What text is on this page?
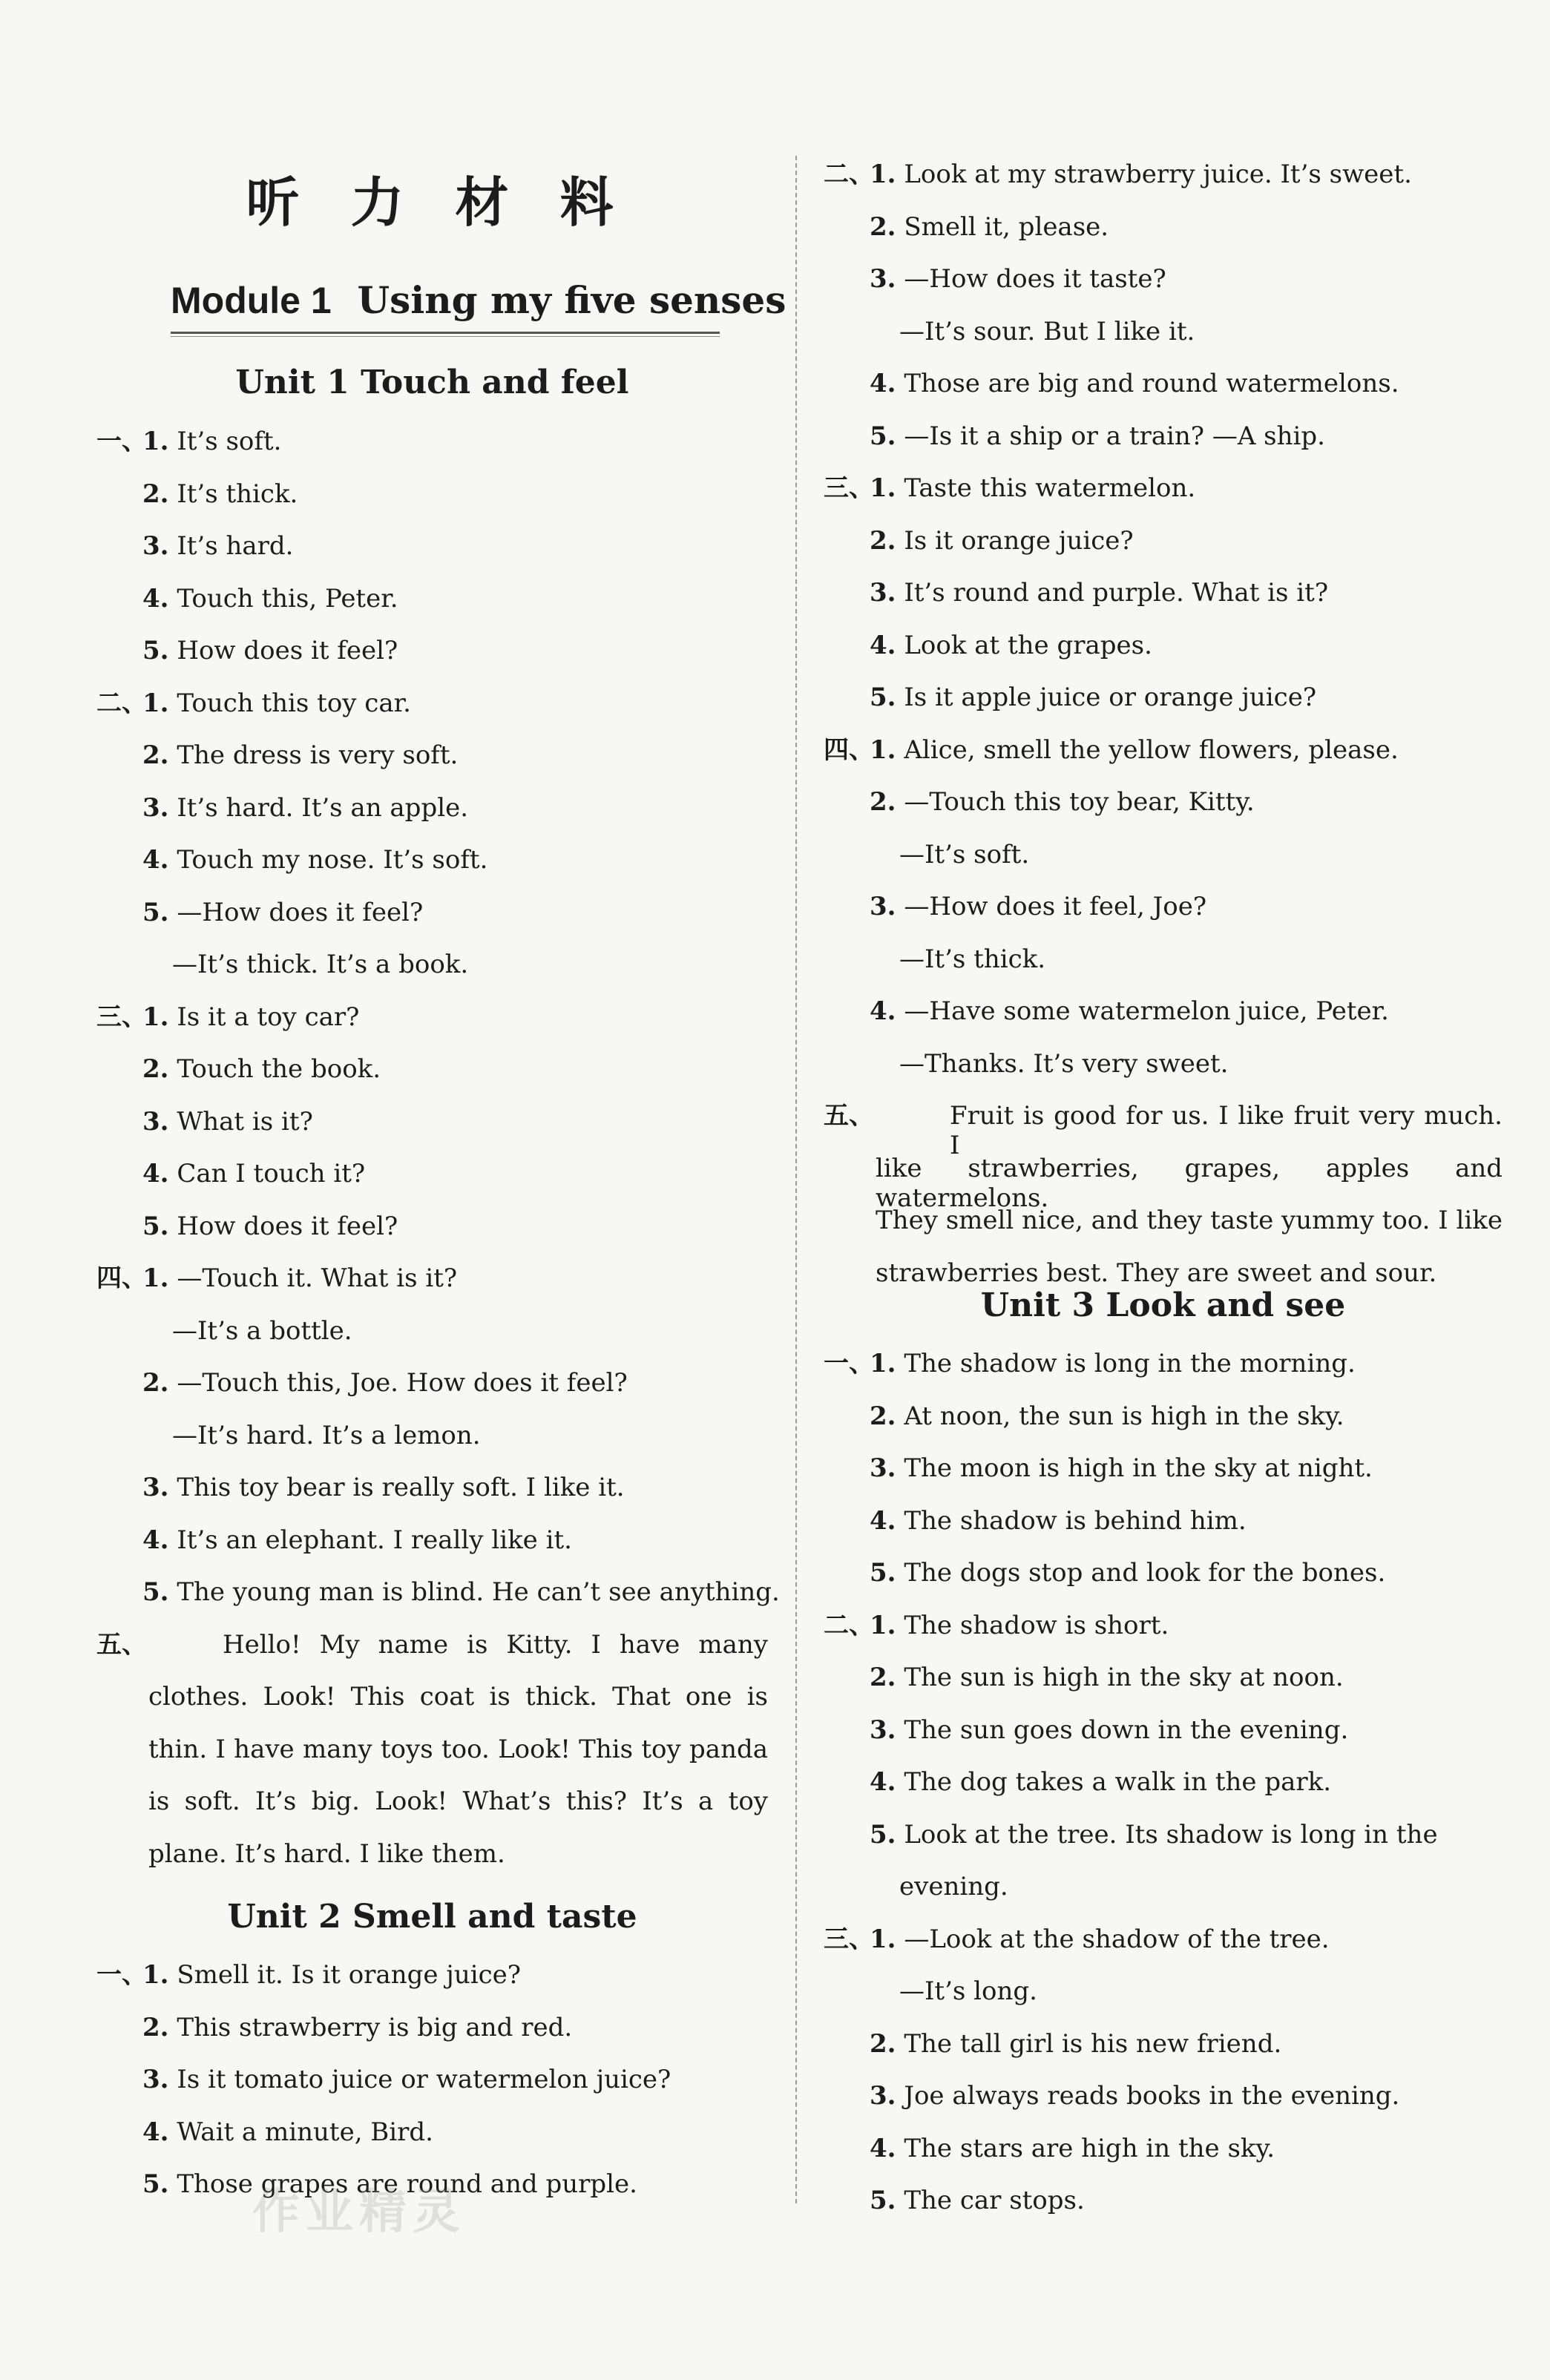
听 力 材 料
Module 1 Using my five senses
Unit 1 Touch and feel
一、
1. It’s soft.
2. It’s thick.
3. It’s hard.
4. Touch this, Peter.
5. How does it feel?
二、
1. Touch this toy car.
2. The dress is very soft.
3. It’s hard. It’s an apple.
4. Touch my nose. It’s soft.
5. —How does it feel?
—It’s thick. It’s a book.
三、
1. Is it a toy car?
2. Touch the book.
3. What is it?
4. Can I touch it?
5. How does it feel?
四、
1. —Touch it. What is it?
—It’s a bottle.
2. —Touch this, Joe. How does it feel?
—It’s hard. It’s a lemon.
3. This toy bear is really soft. I like it.
4. It’s an elephant. I really like it.
5. The young man is blind. He can’t see anything.
五、	Hello! My name is Kitty. I have many
clothes. Look! This coat is thick. That one is
thin. I have many toys too. Look! This toy panda
is soft. It’s big. Look! What’s this? It’s a toy
plane. It’s hard. I like them.
Unit 2 Smell and taste
一、
1. Smell it. Is it orange juice?
2. This strawberry is big and red.
3. Is it tomato juice or watermelon juice?
4. Wait a minute, Bird.
5. Those grapes are round and purple.
二、
1. Look at my strawberry juice. It’s sweet.
2. Smell it, please.
3. —How does it taste?
—It’s sour. But I like it.
4. Those are big and round watermelons.
5. —Is it a ship or a train? —A ship.
三、
1. Taste this watermelon.
2. Is it orange juice?
3. It’s round and purple. What is it?
4. Look at the grapes.
5. Is it apple juice or orange juice?
四、
1. Alice, smell the yellow flowers, please.
2. —Touch this toy bear, Kitty.
—It’s soft.
3. —How does it feel, Joe?
—It’s thick.
4. —Have some watermelon juice, Peter.
—Thanks. It’s very sweet.
五、	Fruit is good for us. I like fruit very much. I
like strawberries, grapes, apples and watermelons.
They smell nice, and they taste yummy too. I like
strawberries best. They are sweet and sour.
Unit 3 Look and see
一、
1. The shadow is long in the morning.
2. At noon, the sun is high in the sky.
3. The moon is high in the sky at night.
4. The shadow is behind him.
5. The dogs stop and look for the bones.
二、
1. The shadow is short.
2. The sun is high in the sky at noon.
3. The sun goes down in the evening.
4. The dog takes a walk in the park.
5. Look at the tree. Its shadow is long in the
evening.
三、
1. —Look at the shadow of the tree.
—It’s long.
2. The tall girl is his new friend.
3. Joe always reads books in the evening.
4. The stars are high in the sky.
5. The car stops.
作业精灵
